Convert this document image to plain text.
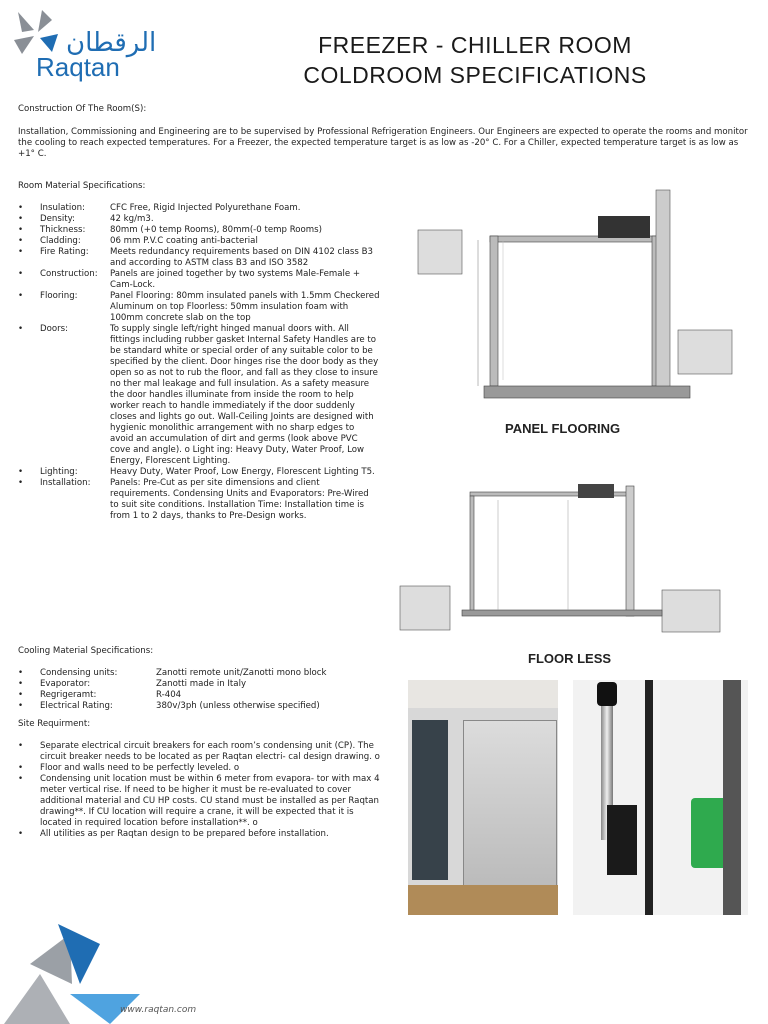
الرقطان
Raqtan
FREEZER - CHILLER ROOM
COLDROOM SPECIFICATIONS
Construction Of The Room(S):
Installation, Commissioning and Engineering are to be supervised by Professional Refrigeration Engineers. Our Engineers are expected to operate the rooms and monitor the cooling to reach expected temperatures. For a Freezer, the expected temperature target is as low as -20° C. For a Chiller, expected temperature target is as low as +1° C.
Room Material Specifications:
• Insulation:	CFC Free, Rigid Injected Polyurethane Foam.
• Density:	42 kg/m3.
• Thickness:	80mm (+0 temp Rooms), 80mm(-0 temp Rooms)
• Cladding:	06 mm P.V.C coating anti-bacterial
• Fire Rating:	Meets redundancy requirements based on DIN 4102 class B3 and according to ASTM class B3 and ISO 3582
• Construction:	Panels are joined together by two systems Male-Female + Cam-Lock.
• Flooring:	Panel Flooring: 80mm insulated panels with 1.5mm Checkered Aluminum on top Floorless: 50mm insulation foam with 100mm concrete slab on the top
• Doors:	To supply single left/right hinged manual doors with. All fittings including rubber gasket Internal Safety Handles are to be standard white or special order of any suitable color to be specified by the client. Door hinges rise the door body as they open so as not to rub the floor, and fall as they close to insure no ther mal leakage and full insulation. As a safety measure the door handles illuminate from inside the room to help worker reach to handle immediately if the door suddenly closes and lights go out. Wall-Ceiling Joints are designed with hygienic monolithic arrangement with no sharp edges to avoid an accumulation of dirt and germs (look above PVC cove and angle). o Light ing: Heavy Duty, Water Proof, Low Energy, Florescent Lighting.
• Lighting:	Heavy Duty, Water Proof, Low Energy, Florescent Lighting T5.
• Installation:	Panels: Pre-Cut as per site dimensions and client requirements. Condensing Units and Evaporators: Pre-Wired to suit site conditions. Installation Time: Installation time is from 1 to 2 days, thanks to Pre-Design works.
Cooling Material Specifications:
• Condensing units:	Zanotti remote unit/Zanotti mono block
• Evaporator:	Zanotti made in Italy
• Regrigeramt:	R-404
• Electrical Rating:	380v/3ph (unless otherwise specified)
Site Requirment:
• Separate electrical circuit breakers for each room’s condensing unit (CP). The circuit breaker needs to be located as per Raqtan electri- cal design drawing. o
• Floor and walls need to be perfectly leveled. o
• Condensing unit location must be within 6 meter from evapora- tor with max 4 meter vertical rise. If need to be higher it must be re-evaluated to cover additional material and CU HP costs. CU stand must be installed as per Raqtan drawing**. If CU location will require a crane, it will be expected that it is located in required location before installation**. o
• All utilities as per Raqtan design to be prepared before installation.
PANEL FLOORING
FLOOR LESS
www.raqtan.com
